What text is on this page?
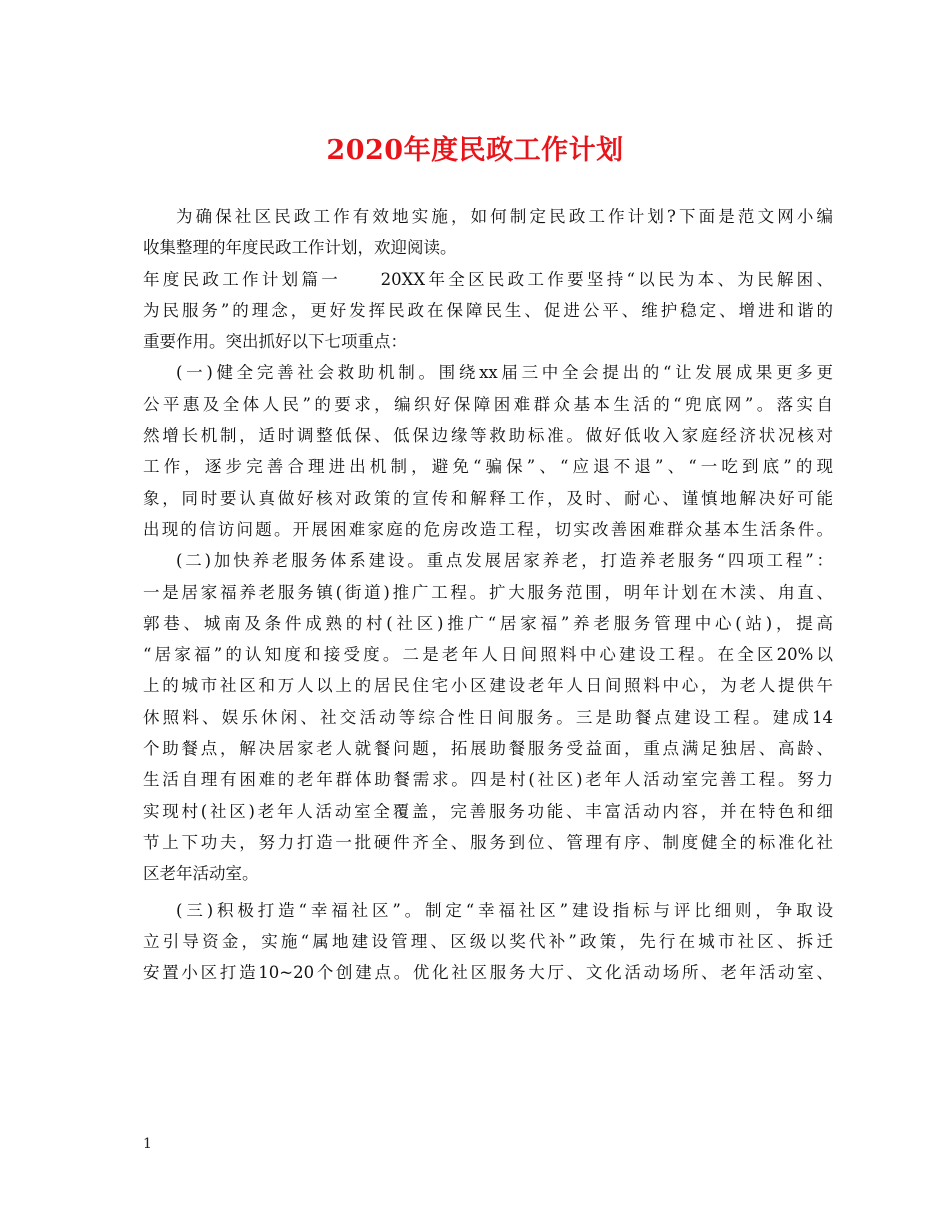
2020年度民政工作计划
为确保社区民政工作有效地实施，如何制定民政工作计划?下面是范文网小编
收集整理的年度民政工作计划，欢迎阅读。
年度民政工作计划篇一　　20XX年全区民政工作要坚持“以民为本、为民解困、
为民服务”的理念，更好发挥民政在保障民生、促进公平、维护稳定、增进和谐的
重要作用。突出抓好以下七项重点：
(一)健全完善社会救助机制。围绕xx届三中全会提出的“让发展成果更多更
公平惠及全体人民”的要求，编织好保障困难群众基本生活的“兜底网”。落实自
然增长机制，适时调整低保、低保边缘等救助标准。做好低收入家庭经济状况核对
工作，逐步完善合理进出机制，避免“骗保”、“应退不退”、“一吃到底”的现
象，同时要认真做好核对政策的宣传和解释工作，及时、耐心、谨慎地解决好可能
出现的信访问题。开展困难家庭的危房改造工程，切实改善困难群众基本生活条件。
(二)加快养老服务体系建设。重点发展居家养老，打造养老服务“四项工程”：
一是居家福养老服务镇(街道)推广工程。扩大服务范围，明年计划在木渎、甪直、
郭巷、城南及条件成熟的村(社区)推广“居家福”养老服务管理中心(站)，提高
“居家福”的认知度和接受度。二是老年人日间照料中心建设工程。在全区20%以
上的城市社区和万人以上的居民住宅小区建设老年人日间照料中心，为老人提供午
休照料、娱乐休闲、社交活动等综合性日间服务。三是助餐点建设工程。建成14
个助餐点，解决居家老人就餐问题，拓展助餐服务受益面，重点满足独居、高龄、
生活自理有困难的老年群体助餐需求。四是村(社区)老年人活动室完善工程。努力
实现村(社区)老年人活动室全覆盖，完善服务功能、丰富活动内容，并在特色和细
节上下功夫，努力打造一批硬件齐全、服务到位、管理有序、制度健全的标准化社
区老年活动室。
(三)积极打造“幸福社区”。制定“幸福社区”建设指标与评比细则，争取设
立引导资金，实施“属地建设管理、区级以奖代补”政策，先行在城市社区、拆迁
安置小区打造10~20个创建点。优化社区服务大厅、文化活动场所、老年活动室、
1
